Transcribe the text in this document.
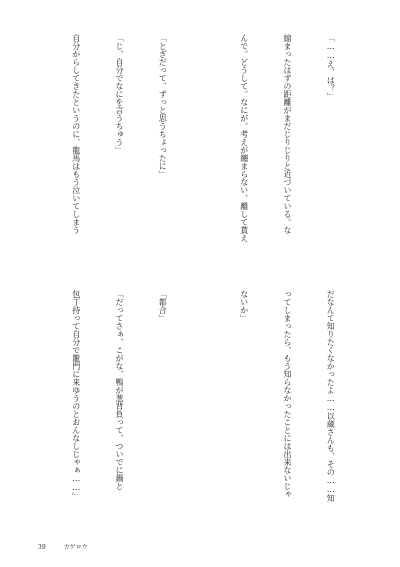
「……え、は？」

縮まったはずの距離がまだじりじりと近づいている。な

んで。どうして。なにが。考えが纏まらない。離して貰え

「とぎだって、ずっと思うちょったに」

「じ、自分でなにを言うちゅう」

自分からしてきたというのに、龍馬はもう泣いてしまう

だなんて知りたくなかったよ……以蔵さんも、その……知

ってしまったら、もう知らなかったことには出来ないじゃ

ないか」

「都合」

「だってさぁ、こがな、鴨が葱背負って、ついでに鍋と

包丁持って自分で籠門に来ゆうのとおんなしじゃぁ……」

39	カゲロウ
